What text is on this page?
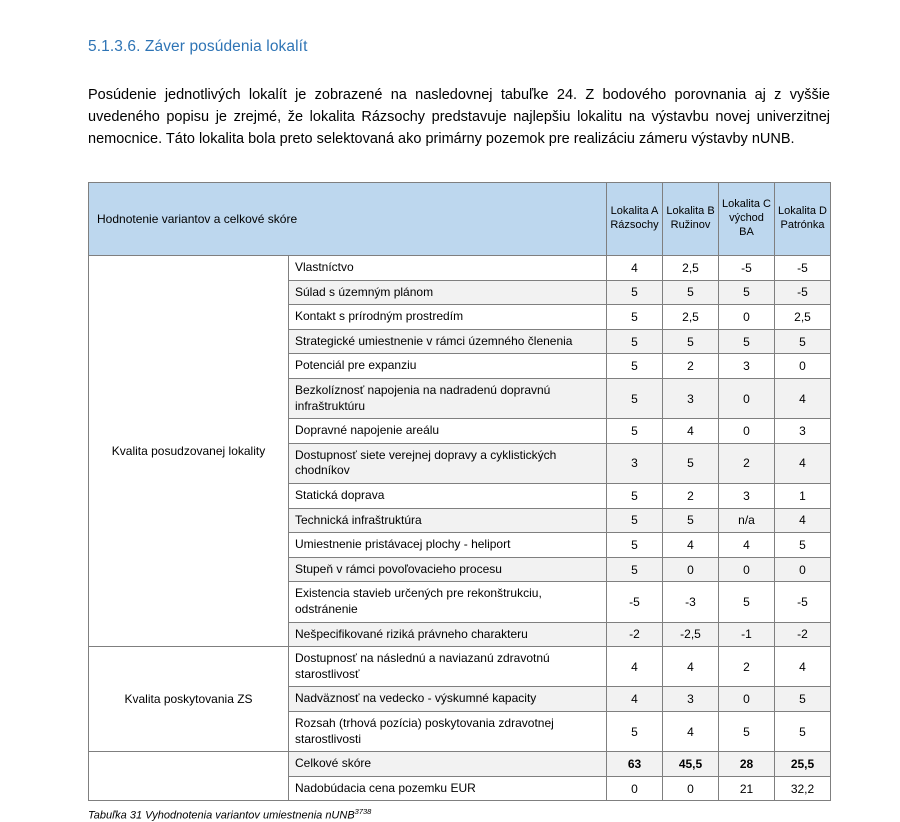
5.1.3.6. Záver posúdenia lokalít

Posúdenie jednotlivých lokalít je zobrazené na nasledovnej tabuľke 24. Z bodového porovnania aj z vyššie uvedeného popisu je zrejmé, že lokalita Rázsochy predstavuje najlepšiu lokalitu na výstavbu novej univerzitnej nemocnice. Táto lokalita bola preto selektovaná ako primárny pozemok pre realizáciu zámeru výstavby nUNB.

Hodnotenie variantov a celkové skóre		Lokalita A Rázsochy	Lokalita B Ružinov	Lokalita C východ BA	Lokalita D Patrónka
Kvalita posudzovanej lokality	Vlastníctvo	4	2,5	-5	-5
	Súlad s územným plánom	5	5	5	-5
	Kontakt s prírodným prostredím	5	2,5	0	2,5
	Strategické umiestnenie v rámci územného členenia	5	5	5	5
	Potenciál pre expanziu	5	2	3	0
	Bezkolíznosť napojenia na nadradenú dopravnú infraštruktúru	5	3	0	4
	Dopravné napojenie areálu	5	4	0	3
	Dostupnosť siete verejnej dopravy a cyklistických chodníkov	3	5	2	4
	Statická doprava	5	2	3	1
	Technická infraštruktúra	5	5	n/a	4
	Umiestnenie pristávacej plochy - heliport	5	4	4	5
	Stupeň v rámci povoľovacieho procesu	5	0	0	0
	Existencia stavieb určených pre rekonštrukciu, odstránenie	-5	-3	5	-5
	Nešpecifikované riziká právneho charakteru	-2	-2,5	-1	-2
Kvalita poskytovania ZS	Dostupnosť na následnú a naviazanú zdravotnú starostlivosť	4	4	2	4
	Nadväznosť na vedecko - výskumné kapacity	4	3	0	5
	Rozsah (trhová pozícia) poskytovania zdravotnej starostlivosti	5	4	5	5
	Celkové skóre	63	45,5	28	25,5
	Nadobúdacia cena pozemku EUR	0	0	21	32,2
Tabuľka 31 Vyhodnotenia variantov umiestnenia nUNB$^{3738}$
